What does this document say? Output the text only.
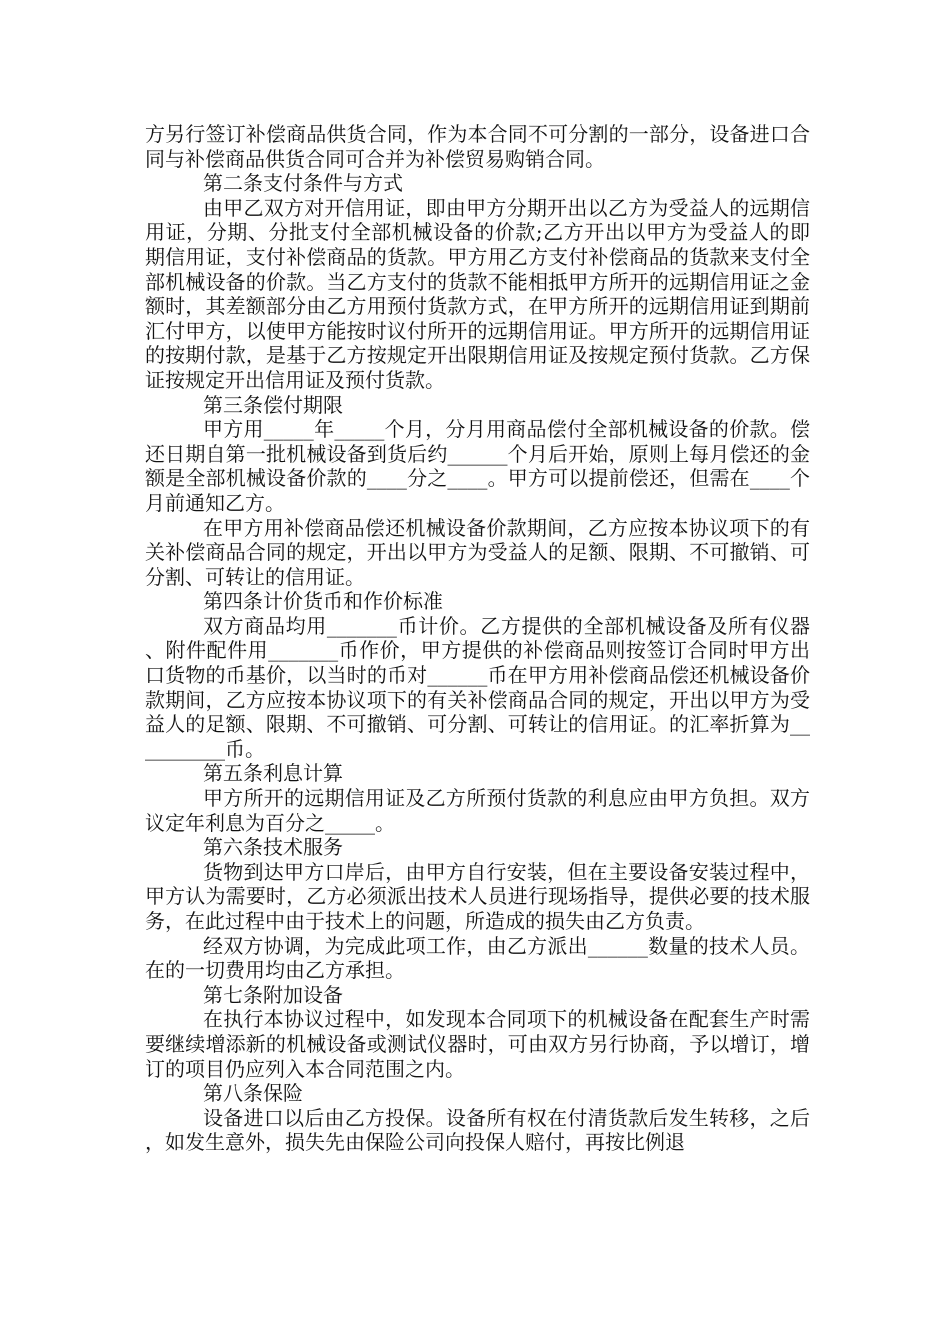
方另行签订补偿商品供货合同，作为本合同不可分割的一部分，设备进口合同与补偿商品供货合同可合并为补偿贸易购销合同。

第二条支付条件与方式

由甲乙双方对开信用证，即由甲方分期开出以乙方为受益人的远期信用证，分期、分批支付全部机械设备的价款;乙方开出以甲方为受益人的即期信用证，支付补偿商品的货款。甲方用乙方支付补偿商品的货款来支付全部机械设备的价款。当乙方支付的货款不能相抵甲方所开的远期信用证之金额时，其差额部分由乙方用预付货款方式，在甲方所开的远期信用证到期前汇付甲方，以使甲方能按时议付所开的远期信用证。甲方所开的远期信用证的按期付款，是基于乙方按规定开出限期信用证及按规定预付货款。乙方保证按规定开出信用证及预付货款。

第三条偿付期限

甲方用_____年_____个月，分月用商品偿付全部机械设备的价款。偿还日期自第一批机械设备到货后约______个月后开始，原则上每月偿还的金额是全部机械设备价款的____分之____。甲方可以提前偿还，但需在____个月前通知乙方。

在甲方用补偿商品偿还机械设备价款期间，乙方应按本协议项下的有关补偿商品合同的规定，开出以甲方为受益人的足额、限期、不可撤销、可分割、可转让的信用证。

第四条计价货币和作价标准

双方商品均用_______币计价。乙方提供的全部机械设备及所有仪器、附件配件用_______币作价，甲方提供的补偿商品则按签订合同时甲方出口货物的币基价，以当时的币对______币在甲方用补偿商品偿还机械设备价款期间，乙方应按本协议项下的有关补偿商品合同的规定，开出以甲方为受益人的足额、限期、不可撤销、可分割、可转让的信用证。的汇率折算为__________币。

第五条利息计算

甲方所开的远期信用证及乙方所预付货款的利息应由甲方负担。双方议定年利息为百分之_____。

第六条技术服务

货物到达甲方口岸后，由甲方自行安装，但在主要设备安装过程中，甲方认为需要时，乙方必须派出技术人员进行现场指导，提供必要的技术服务，在此过程中由于技术上的问题，所造成的损失由乙方负责。

经双方协调，为完成此项工作，由乙方派出______数量的技术人员。在的一切费用均由乙方承担。

第七条附加设备

在执行本协议过程中，如发现本合同项下的机械设备在配套生产时需要继续增添新的机械设备或测试仪器时，可由双方另行协商，予以增订，增订的项目仍应列入本合同范围之内。

第八条保险

设备进口以后由乙方投保。设备所有权在付清货款后发生转移，之后，如发生意外，损失先由保险公司向投保人赔付，再按比例退
